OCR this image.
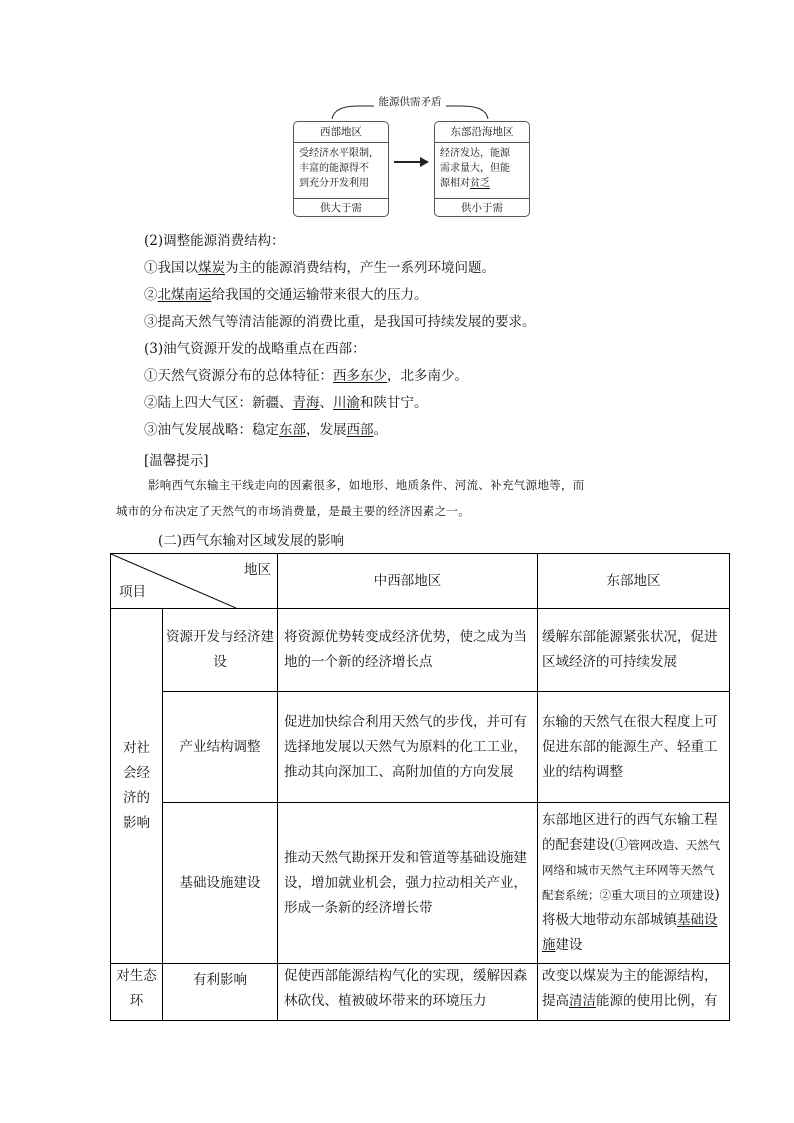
能源供需矛盾
西部地区
受经济水平限制,
丰富的能源得不
到充分开发利用
供大于需
东部沿海地区
经济发达，能源
需求量大，但能
源相对贫乏
供小于需
(2)调整能源消费结构：
①我国以煤炭为主的能源消费结构，产生一系列环境问题。
②北煤南运给我国的交通运输带来很大的压力。
③提高天然气等清洁能源的消费比重，是我国可持续发展的要求。
(3)油气资源开发的战略重点在西部：
①天然气资源分布的总体特征：西多东少，北多南少。
②陆上四大气区：新疆、青海、川渝和陕甘宁。
③油气发展战略：稳定东部，发展西部。
[温馨提示]
影响西气东输主干线走向的因素很多，如地形、地质条件、河流、补充气源地等，而
城市的分布决定了天然气的市场消费量，是最主要的经济因素之一。
(二)西气东输对区域发展的影响
地区
项目		中西部地区	东部地区
对社会经济的影响	资源开发与经济建设	将资源优势转变成经济优势，使之成为当地的一个新的经济增长点	缓解东部能源紧张状况，促进区域经济的可持续发展
	产业结构调整	促进加快综合利用天然气的步伐，并可有选择地发展以天然气为原料的化工工业，推动其向深加工、高附加值的方向发展	东输的天然气在很大程度上可促进东部的能源生产、轻重工业的结构调整
	基础设施建设	推动天然气勘探开发和管道等基础设施建设，增加就业机会，强力拉动相关产业，形成一条新的经济增长带	东部地区进行的西气东输工程的配套建设(①管网改造、天然气网络和城市天然气主环网等天然气配套系统；②重大项目的立项建设)将极大地带动东部城镇基础设施建设
对生态环	有利影响	促使西部能源结构气化的实现，缓解因森林砍伐、植被破坏带来的环境压力	改变以煤炭为主的能源结构，提高清洁能源的使用比例，有
